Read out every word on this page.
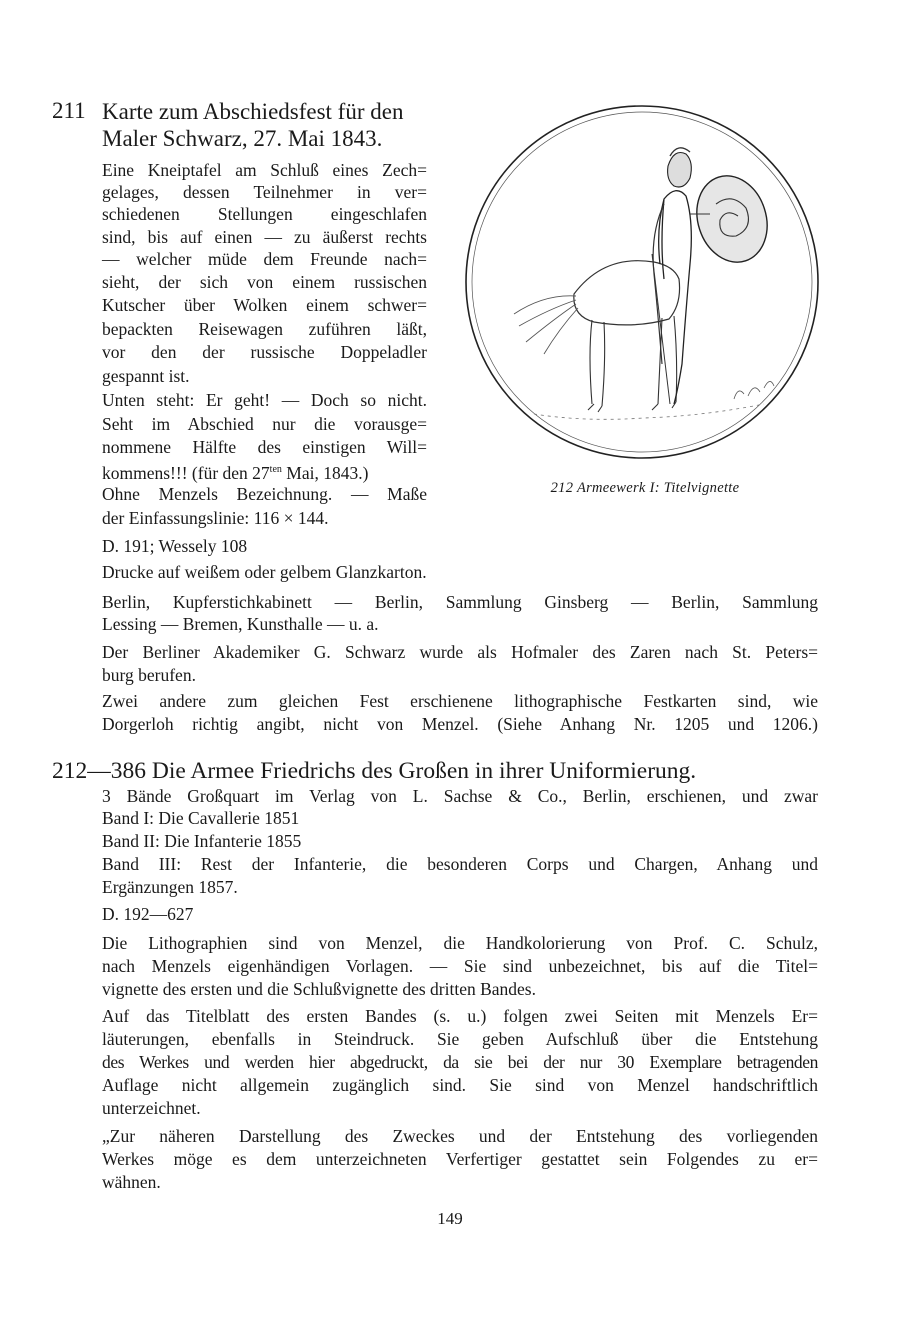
211 Karte zum Abschiedsfest für den
Maler Schwarz, 27. Mai 1843.
Eine Kneiptafel am Schluß eines Zech=
gelages, dessen Teilnehmer in ver=
schiedenen Stellungen eingeschlafen
sind, bis auf einen — zu äußerst rechts
— welcher müde dem Freunde nach=
sieht, der sich von einem russischen
Kutscher über Wolken einem schwer=
bepackten Reisewagen zuführen läßt,
vor den der russische Doppeladler
gespannt ist.
Unten steht: Er geht! — Doch so nicht.
Seht im Abschied nur die vorausge=
nommene Hälfte des einstigen Will=
kommens!!! (für den $27^{ten}$ Mai, 1843.)
Ohne Menzels Bezeichnung. — Maße
der Einfassungslinie: 116 × 144.
D. 191; Wessely 108
Drucke auf weißem oder gelbem Glanzkarton.
Berlin, Kupferstichkabinett — Berlin, Sammlung Ginsberg — Berlin, Sammlung
Lessing — Bremen, Kunsthalle — u. a.
Der Berliner Akademiker G. Schwarz wurde als Hofmaler des Zaren nach St. Peters=
burg berufen.
Zwei andere zum gleichen Fest erschienene lithographische Festkarten sind, wie
Dorgerloh richtig angibt, nicht von Menzel. (Siehe Anhang Nr. 1205 und 1206.)
212 Armeewerk I: Titelvignette
212—386 Die Armee Friedrichs des Großen in ihrer Uniformierung.
3 Bände Großquart im Verlag von L. Sachse & Co., Berlin, erschienen, und zwar
Band I: Die Cavallerie 1851
Band II: Die Infanterie 1855
Band III: Rest der Infanterie, die besonderen Corps und Chargen, Anhang und
Ergänzungen 1857.
D. 192—627
Die Lithographien sind von Menzel, die Handkolorierung von Prof. C. Schulz,
nach Menzels eigenhändigen Vorlagen. — Sie sind unbezeichnet, bis auf die Titel=
vignette des ersten und die Schlußvignette des dritten Bandes.
Auf das Titelblatt des ersten Bandes (s. u.) folgen zwei Seiten mit Menzels Er=
läuterungen, ebenfalls in Steindruck. Sie geben Aufschluß über die Entstehung
des Werkes und werden hier abgedruckt, da sie bei der nur 30 Exemplare betragenden
Auflage nicht allgemein zugänglich sind. Sie sind von Menzel handschriftlich
unterzeichnet.
„Zur näheren Darstellung des Zweckes und der Entstehung des vorliegenden
Werkes möge es dem unterzeichneten Verfertiger gestattet sein Folgendes zu er=
wähnen.
149
